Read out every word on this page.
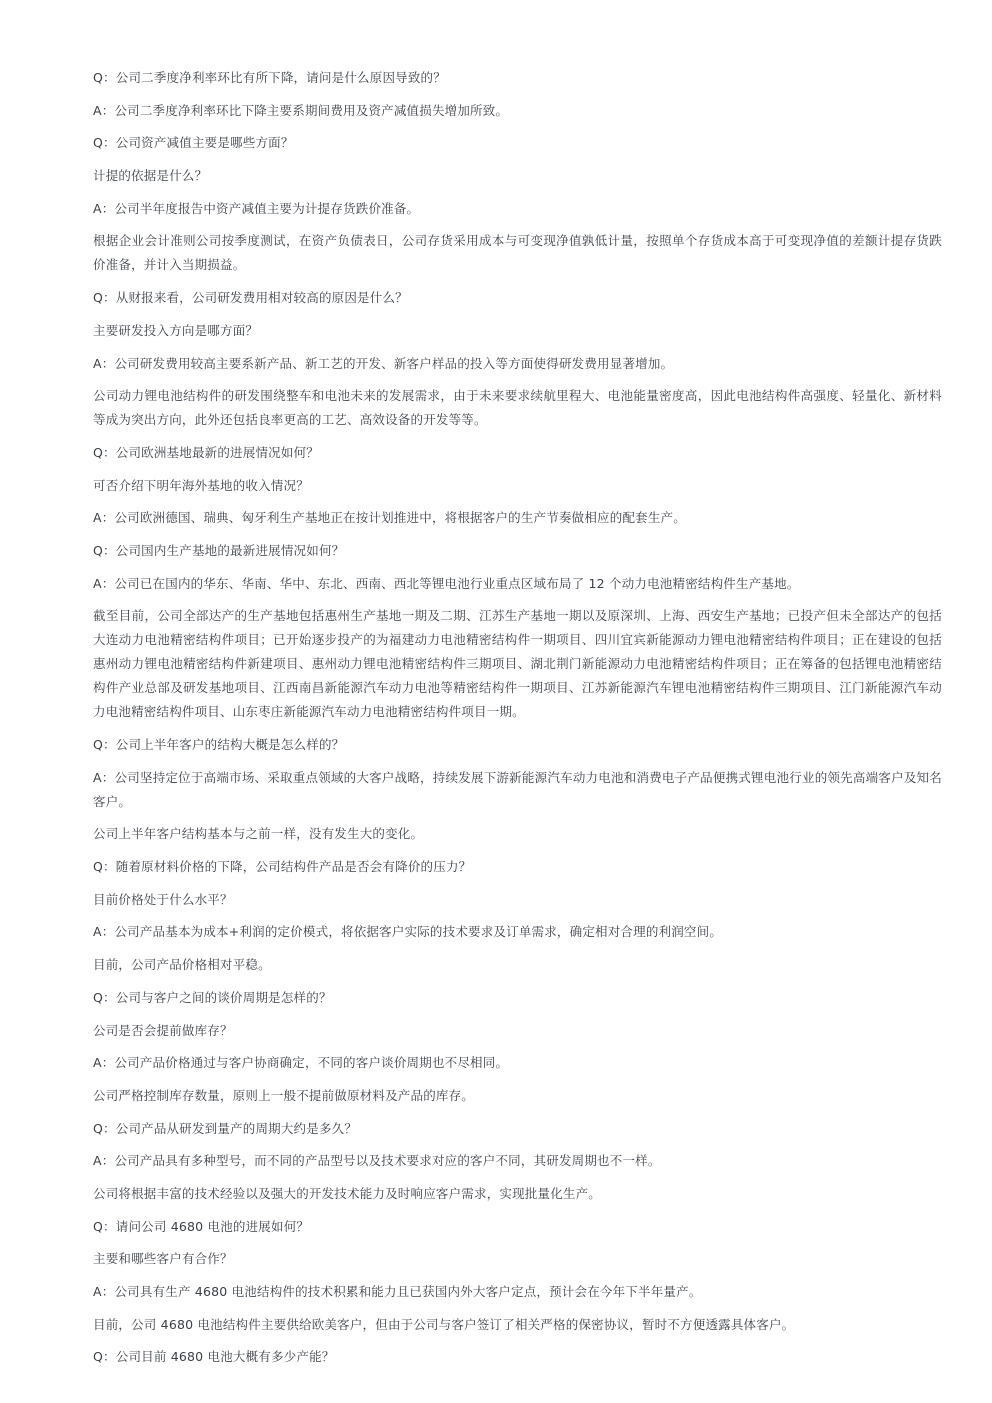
Q：公司二季度净利率环比有所下降，请问是什么原因导致的？

A：公司二季度净利率环比下降主要系期间费用及资产减值损失增加所致。

Q：公司资产减值主要是哪些方面？

计提的依据是什么？

A：公司半年度报告中资产减值主要为计提存货跌价准备。

根据企业会计准则公司按季度测试，在资产负债表日，公司存货采用成本与可变现净值孰低计量，按照单个存货成本高于可变现净值的差额计提存货跌价准备，并计入当期损益。

Q：从财报来看，公司研发费用相对较高的原因是什么？

主要研发投入方向是哪方面？

A：公司研发费用较高主要系新产品、新工艺的开发、新客户样品的投入等方面使得研发费用显著增加。

公司动力锂电池结构件的研发围绕整车和电池未来的发展需求，由于未来要求续航里程大、电池能量密度高，因此电池结构件高强度、轻量化、新材料等成为突出方向，此外还包括良率更高的工艺、高效设备的开发等等。

Q：公司欧洲基地最新的进展情况如何？

可否介绍下明年海外基地的收入情况？

A：公司欧洲德国、瑞典、匈牙利生产基地正在按计划推进中，将根据客户的生产节奏做相应的配套生产。

Q：公司国内生产基地的最新进展情况如何？

A：公司已在国内的华东、华南、华中、东北、西南、西北等锂电池行业重点区域布局了 12 个动力电池精密结构件生产基地。

截至目前，公司全部达产的生产基地包括惠州生产基地一期及二期、江苏生产基地一期以及原深圳、上海、西安生产基地；已投产但未全部达产的包括大连动力电池精密结构件项目；已开始逐步投产的为福建动力电池精密结构件一期项目、四川宜宾新能源动力锂电池精密结构件项目；正在建设的包括惠州动力锂电池精密结构件新建项目、惠州动力锂电池精密结构件三期项目、湖北荆门新能源动力电池精密结构件项目；正在筹备的包括锂电池精密结构件产业总部及研发基地项目、江西南昌新能源汽车动力电池等精密结构件一期项目、江苏新能源汽车锂电池精密结构件三期项目、江门新能源汽车动力电池精密结构件项目、山东枣庄新能源汽车动力电池精密结构件项目一期。

Q：公司上半年客户的结构大概是怎么样的？

A：公司坚持定位于高端市场、采取重点领域的大客户战略，持续发展下游新能源汽车动力电池和消费电子产品便携式锂电池行业的领先高端客户及知名客户。

公司上半年客户结构基本与之前一样，没有发生大的变化。

Q：随着原材料价格的下降，公司结构件产品是否会有降价的压力？

目前价格处于什么水平？

A：公司产品基本为成本+利润的定价模式，将依据客户实际的技术要求及订单需求，确定相对合理的利润空间。

目前，公司产品价格相对平稳。

Q：公司与客户之间的谈价周期是怎样的？

公司是否会提前做库存？

A：公司产品价格通过与客户协商确定，不同的客户谈价周期也不尽相同。

公司严格控制库存数量，原则上一般不提前做原材料及产品的库存。

Q：公司产品从研发到量产的周期大约是多久？

A：公司产品具有多种型号，而不同的产品型号以及技术要求对应的客户不同，其研发周期也不一样。

公司将根据丰富的技术经验以及强大的开发技术能力及时响应客户需求，实现批量化生产。

Q：请问公司 4680 电池的进展如何？

主要和哪些客户有合作？

A：公司具有生产 4680 电池结构件的技术积累和能力且已获国内外大客户定点，预计会在今年下半年量产。

目前，公司 4680 电池结构件主要供给欧美客户，但由于公司与客户签订了相关严格的保密协议，暂时不方便透露具体客户。

Q：公司目前 4680 电池大概有多少产能？
